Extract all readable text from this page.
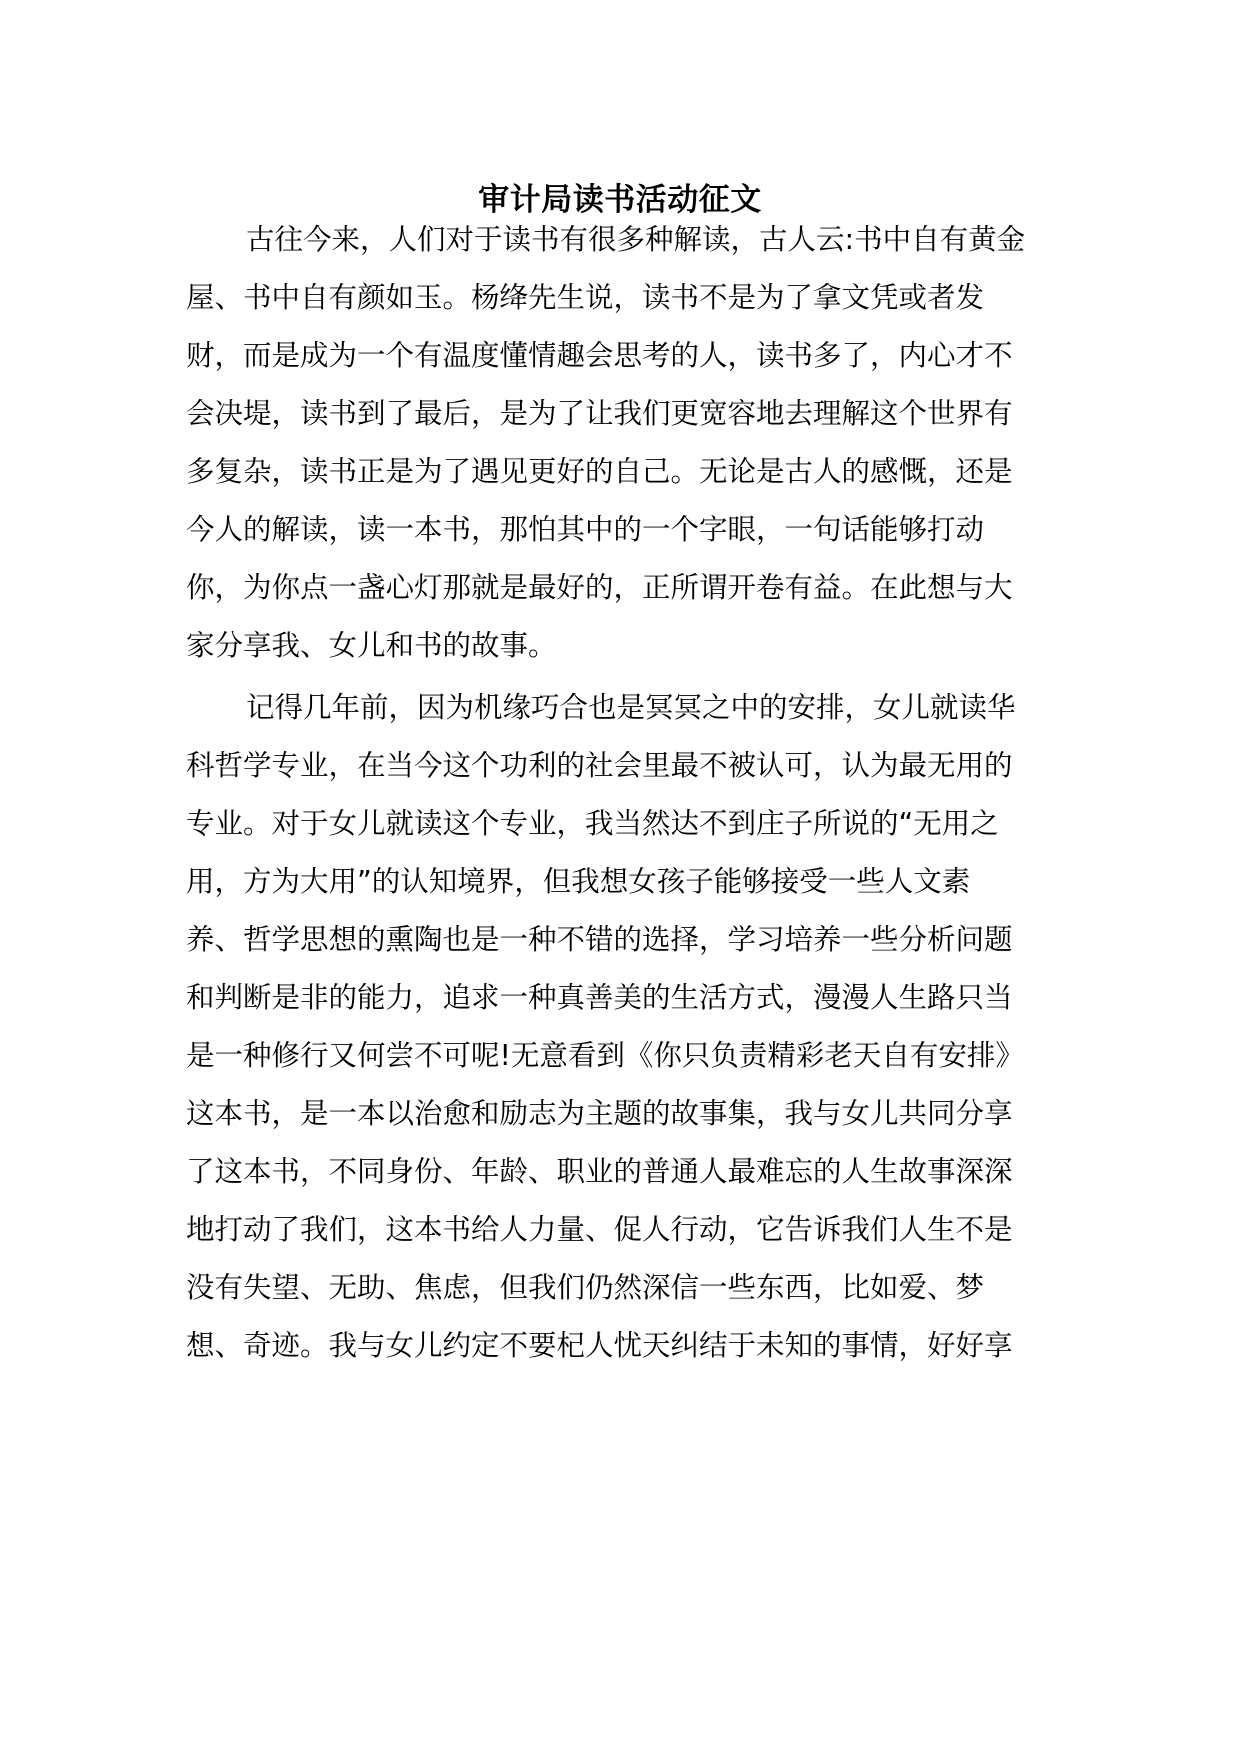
审计局读书活动征文
古往今来，人们对于读书有很多种解读，古人云:书中自有黄金
屋、书中自有颜如玉。杨绛先生说，读书不是为了拿文凭或者发
财，而是成为一个有温度懂情趣会思考的人，读书多了，内心才不
会决堤，读书到了最后，是为了让我们更宽容地去理解这个世界有
多复杂，读书正是为了遇见更好的自己。无论是古人的感慨，还是
今人的解读，读一本书，那怕其中的一个字眼，一句话能够打动
你，为你点一盏心灯那就是最好的，正所谓开卷有益。在此想与大
家分享我、女儿和书的故事。
记得几年前，因为机缘巧合也是冥冥之中的安排，女儿就读华
科哲学专业，在当今这个功利的社会里最不被认可，认为最无用的
专业。对于女儿就读这个专业，我当然达不到庄子所说的“无用之
用，方为大用”的认知境界，但我想女孩子能够接受一些人文素
养、哲学思想的熏陶也是一种不错的选择，学习培养一些分析问题
和判断是非的能力，追求一种真善美的生活方式，漫漫人生路只当
是一种修行又何尝不可呢!无意看到《你只负责精彩老天自有安排》
这本书，是一本以治愈和励志为主题的故事集，我与女儿共同分享
了这本书，不同身份、年龄、职业的普通人最难忘的人生故事深深
地打动了我们，这本书给人力量、促人行动，它告诉我们人生不是
没有失望、无助、焦虑，但我们仍然深信一些东西，比如爱、梦
想、奇迹。我与女儿约定不要杞人忧天纠结于未知的事情，好好享
